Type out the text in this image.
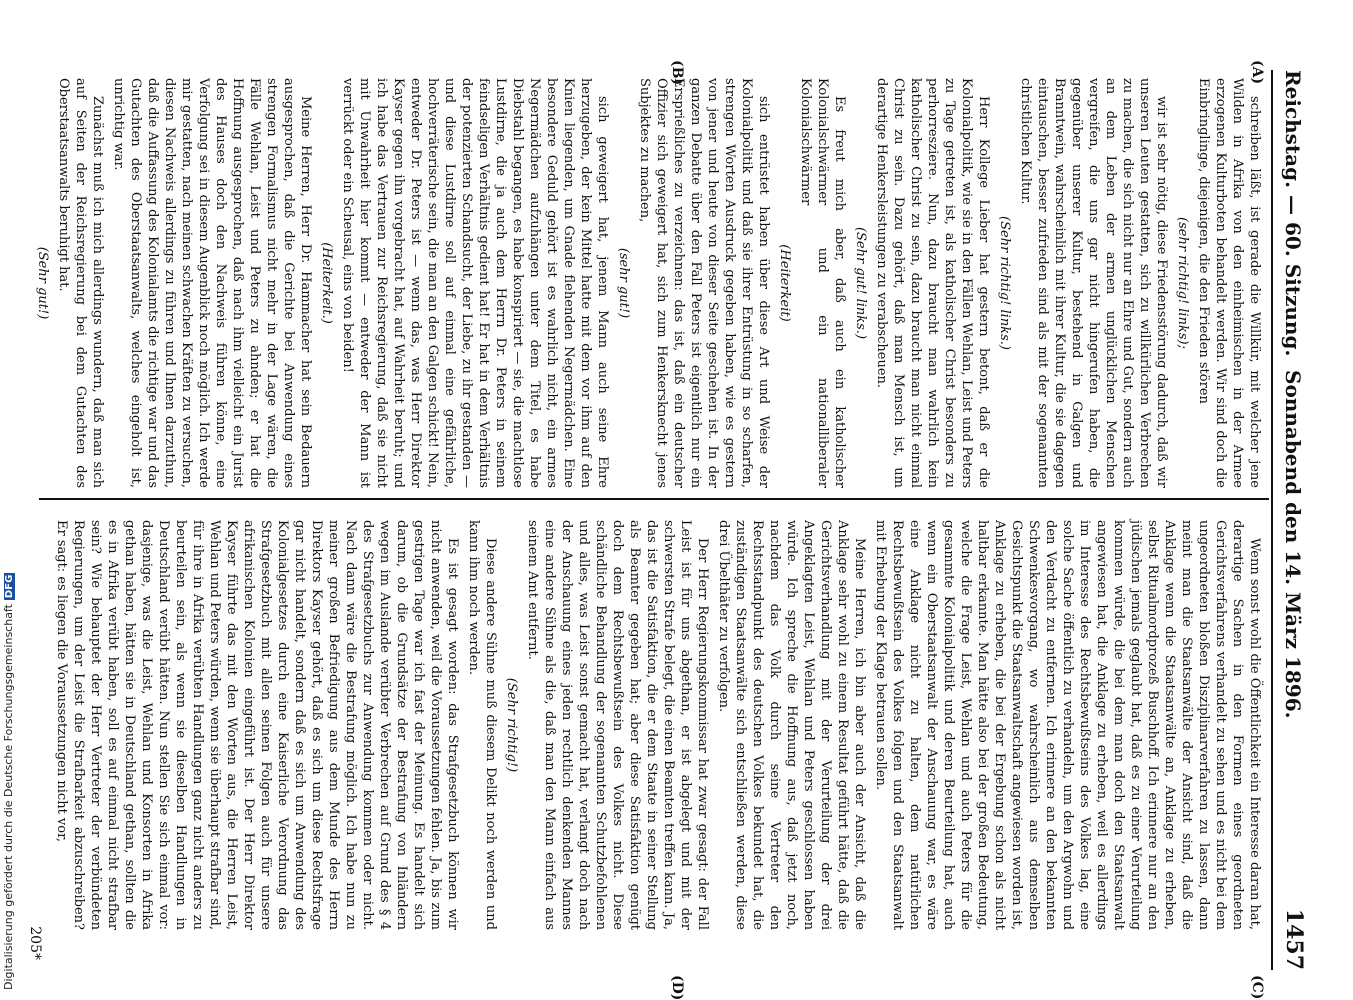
Reichstag. — 60. Sitzung.
Sonnabend den 14. März 1896.
1457
(A)
(B)
(C)
(D)

schreiben läßt, ist gerade die Willkür, mit welcher jene Wilden in Afrika von den einheimischen in der Armee erzogenen Kulturboten behandelt werden. Wir sind doch die Einbringlinge, diejenigen, die den Frieden stören

(sehr richtig! links);

wir ist sehr nötig, diese Friedensstörung dadurch, daß wir unseren Leuten gestatten, sich zu willkürlichen Verbrechen zu machen, die sich nicht nur an Ehre und Gut, sondern auch an dem Leben der armen unglücklichen Menschen vergreifen, die uns gar nicht hingerufen haben, die gegenüber unserer Kultur, bestehend in Galgen und Branntwein, wahrscheinlich mit ihrer Kultur, die sie dagegen eintauschen, besser zufrieden sind als mit der sogenannten christlichen Kultur.

(Sehr richtig! links.)

Herr Kollege Lieber hat gestern betont, daß er die Kolonialpolitik, wie sie in den Fällen Wehlan, Leist und Peters zu Tage getreten ist, als katholischer Christ besonders zu perhorresziere. Nun, dazu braucht man wahrlich kein katholischer Christ zu sein, dazu braucht man nicht einmal Christ zu sein. Dazu gehört, daß man Mensch ist, um derartige Henkersleistungen zu verabscheuen.

(Sehr gut! links.)

Es freut mich aber, daß auch ein katholischer Kolonialschwärmer und ein nationalliberaler Kolonialschwärmer

(Heiterkeit)

sich entrüstet haben über diese Art und Weise der Kolonialpolitik und daß sie ihrer Entrüstung in so scharfen, strengen Worten Ausdruck gegeben haben, wie es gestern von jener und heute von dieser Seite geschehen ist. In der ganzen Debatte über den Fall Peters ist eigentlich nur ein Ersprießliches zu verzeichnen: das ist, daß ein deutscher Offizier sich geweigert hat, sich zum Henkersknecht jenes Subjektes zu machen,

(sehr gut!)

sich geweigert hat, jenem Mann auch seine Ehre herzugeben, der kein Mittel hatte mit dem vor ihm auf den Knien liegenden, um Gnade flehenden Negermädchen. Eine besondere Geduld gehört ist es wahrlich nicht, ein armes Negermädchen aufzuhängen unter dem Titel, es habe Diebstahl begangen, es habe konspiriert — sie, die machtlose Lustdirne, die ja auch dem Herrn Dr. Peters in seinem feindseligen Verhältnis gedient hat! Er hat in dem Verhältnis der potenzierten Schandsucht, der Liebe, zu ihr gestanden — und diese Lustdirne soll auf einmal eine gefährliche, hochverräterische sein, die man an den Galgen schickt! Nein, entweder Dr. Peters ist — wenn das, was Herr Direktor Kayser gegen ihn vorgebracht hat, auf Wahrheit beruht; und ich habe das Vertrauen zur Reichsregierung, daß sie nicht mit Unwahrheit hier kommt — entweder der Mann ist verrückt oder ein Scheusal, eins von beiden!

(Heiterkeit.)

Meine Herren, Herr Dr. Hammacher hat sein Bedauern ausgesprochen, daß die Gerichte bei Anwendung eines strengen Formalismus nicht mehr in der Lage wären, die Fälle Wehlan, Leist und Peters zu ahnden; er hat die Hoffnung ausgesprochen, daß nach ihm vielleicht ein Jurist des Hauses doch den Nachweis führen könne, eine Verfolgung sei in diesem Augenblick noch möglich. Ich werde mir gestatten, nach meinen schwachen Kräften zu versuchen, diesen Nachweis allerdings zu führen und Ihnen darzuthun, daß die Auffassung des Kolonialamts die richtige war und das Gutachten des Oberstaatsanwalts, welches eingeholt ist, unrichtig war.

Zunächst muß ich mich allerdings wundern, daß man sich auf Seiten der Reichsregierung bei dem Gutachten des Oberstaatsanwalts beruhigt hat.

(Sehr gut!)

Wenn sonst wohl die Öffentlichkeit ein Interesse daran hat, derartige Sachen in den Formen eines geordneten Gerichtsverfahrens verhandelt zu sehen und es nicht bei dem ungeordneten bloßen Disziplinarverfahren zu lassen, dann meint man die Staatsanwälte der Ansicht sind, daß die Anklage wenn die Staatsanwälte an, Anklage zu erheben, selbst Ritualmordprozeß Buschhoff. Ich erinnere nur an den jüdischen jemals geglaubt hat, daß es zu einer Verurteilung kommen würde, die bei dem man doch den Staatsanwalt angewiesen hat, die Anklage zu erheben, weil es allerdings im Interesse des Rechtsbewußtseins des Volkes lag, eine solche Sache öffentlich zu verhandeln, um den Argwohn und den Verdacht zu entfernen. Ich erinnere an den bekannten Schwenkesvorgang, wo wahrscheinlich aus demselben Gesichtspunkt die Staatsanwaltschaft angewiesen worden ist, Anklage zu erheben, die bei der Ergebung schon als nicht haltbar erkannte. Man hätte also bei der großen Bedeutung, welche die Frage Leist, Wehlan und auch Peters für die gesammte Kolonialpolitik und deren Beurteilung hat, auch wenn ein Oberstaatsanwalt der Anschauung war, es wäre eine Anklage nicht zu halten, dem natürlichen Rechtsbewußtsein des Volkes folgen und den Staatsanwalt mit Erhebung der Klage betrauen sollen.

Meine Herren, ich bin aber auch der Ansicht, daß die Anklage sehr wohl zu einem Resultat geführt hätte, daß die Gerichtsverhandlung mit der Verurteilung der drei Angeklagten Leist, Wehlan und Peters geschlossen haben würde. Ich spreche die Hoffnung aus, daß jetzt noch, nachdem das Volk durch seine Vertreter den Rechtsstandpunkt des deutschen Volkes bekundet hat, die zuständigen Staatsanwälte sich entschließen werden, diese drei Übelthäter zu verfolgen.

Der Herr Regierungskommissar hat zwar gesagt: der Fall Leist ist für uns abgethan, er ist abgelegt und mit der schwersten Strafe belegt, die einen Beamten treffen kann. Ja, das ist die Satisfaktion, die er dem Staate in seiner Stellung als Beamter gegeben hat; aber diese Satisfaktion genügt doch dem Rechtsbewußtsein des Volkes nicht. Diese schändliche Behandlung der sogenannten Schutzbefohlenen und alles, was Leist sonst gemacht hat, verlangt doch nach der Anschauung eines jeden rechtlich denkenden Mannes eine andere Sühne als die, daß man den Mann einfach aus seinem Amt entfernt.

(Sehr richtig!)

Diese andere Sühne muß diesem Delikt noch werden und kann ihm noch werden.

Es ist gesagt worden: das Strafgesetzbuch können wir nicht anwenden, weil die Voraussetzungen fehlen. Ja, bis zum gestrigen Tage war ich fast der Meinung. Es handelt sich darum, ob die Grundsätze der Bestrafung von Inländern wegen im Auslande verübter Verbrechen auf Grund des § 4 des Strafgesetzbuchs zur Anwendung kommen oder nicht. Nach dann wäre die Bestrafung möglich. Ich habe nun zu meiner großen Befriedigung aus dem Munde des Herrn Direktors Kayser gehört, daß es sich um diese Rechtsfrage gar nicht handelt, sondern daß es sich um Anwendung des Kolonialgesetzes durch eine Kaiserliche Verordnung das Strafgesetzbuch mit allen seinen Folgen auch für unsere afrikanischen Kolonien eingeführt ist. Der Herr Direktor Kayser führte das mit den Worten aus, die Herren Leist, Wehlan und Peters würden, wenn sie überhaupt strafbar sind, für ihre in Afrika verübten Handlungen ganz nicht anders zu beurteilen sein, als wenn sie dieselben Handlungen in Deutschland verübt hätten. Nun stellen Sie sich einmal vor: dasjenige, was die Leist, Wehlan und Konsorten in Afrika gethan haben, hätten sie in Deutschland gethan, sollten die es in Afrika verübt haben, soll es auf einmal nicht strafbar sein? Wie behauptet der Herr Vertreter der verbündeten Regierungen, um der Leist die Strafbarkeit abzuschreiben? Er sagt: es liegen die Voraussetzungen nicht vor,

205*
Digitalisierung gefördert durch die Deutsche ForschungsgemeinschaftDFG
